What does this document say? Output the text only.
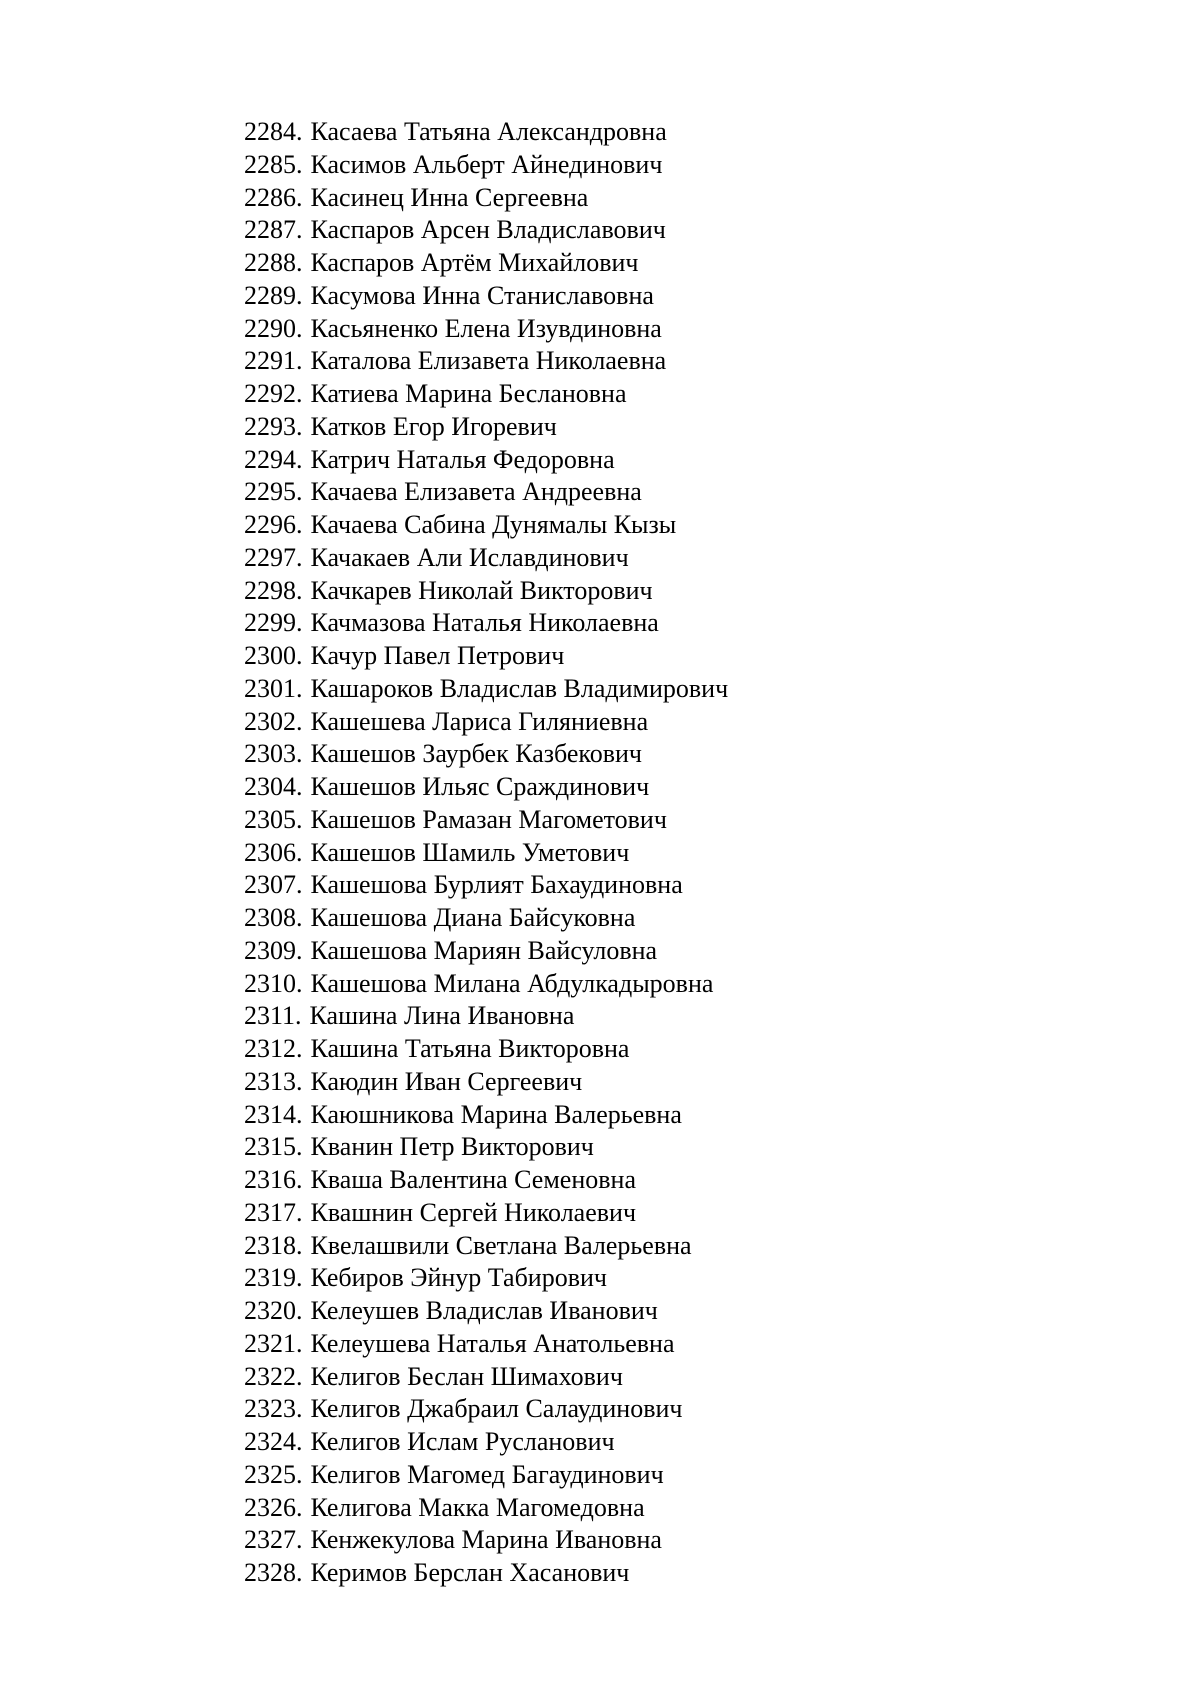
2284. Касаева Татьяна Александровна
2285. Касимов Альберт Айнединович
2286. Касинец Инна Сергеевна
2287. Каспаров Арсен Владиславович
2288. Каспаров Артём Михайлович
2289. Касумова Инна Станиславовна
2290. Касьяненко Елена Изувдиновна
2291. Каталова Елизавета Николаевна
2292. Катиева Марина Беслановна
2293. Катков Егор Игоревич
2294. Катрич Наталья Федоровна
2295. Качаева Елизавета Андреевна
2296. Качаева Сабина Дунямалы Кызы
2297. Качакаев Али Иславдинович
2298. Качкарев Николай Викторович
2299. Качмазова Наталья Николаевна
2300. Качур Павел Петрович
2301. Кашароков Владислав Владимирович
2302. Кашешева Лариса Гиляниевна
2303. Кашешов Заурбек Казбекович
2304. Кашешов Ильяс Сраждинович
2305. Кашешов Рамазан Магометович
2306. Кашешов Шамиль Уметович
2307. Кашешова Бурлият Бахаудиновна
2308. Кашешова Диана Байсуковна
2309. Кашешова Мариян Вайсуловна
2310. Кашешова Милана Абдулкадыровна
2311. Кашина Лина Ивановна
2312. Кашина Татьяна Викторовна
2313. Каюдин Иван Сергеевич
2314. Каюшникова Марина Валерьевна
2315. Кванин Петр Викторович
2316. Кваша Валентина Семеновна
2317. Квашнин Сергей Николаевич
2318. Квелашвили Светлана Валерьевна
2319. Кебиров Эйнур Табирович
2320. Келеушев Владислав Иванович
2321. Келеушева Наталья Анатольевна
2322. Келигов Беслан Шимахович
2323. Келигов Джабраил Салаудинович
2324. Келигов Ислам Русланович
2325. Келигов Магомед Багаудинович
2326. Келигова Макка Магомедовна
2327. Кенжекулова Марина Ивановна
2328. Керимов Берслан Хасанович
